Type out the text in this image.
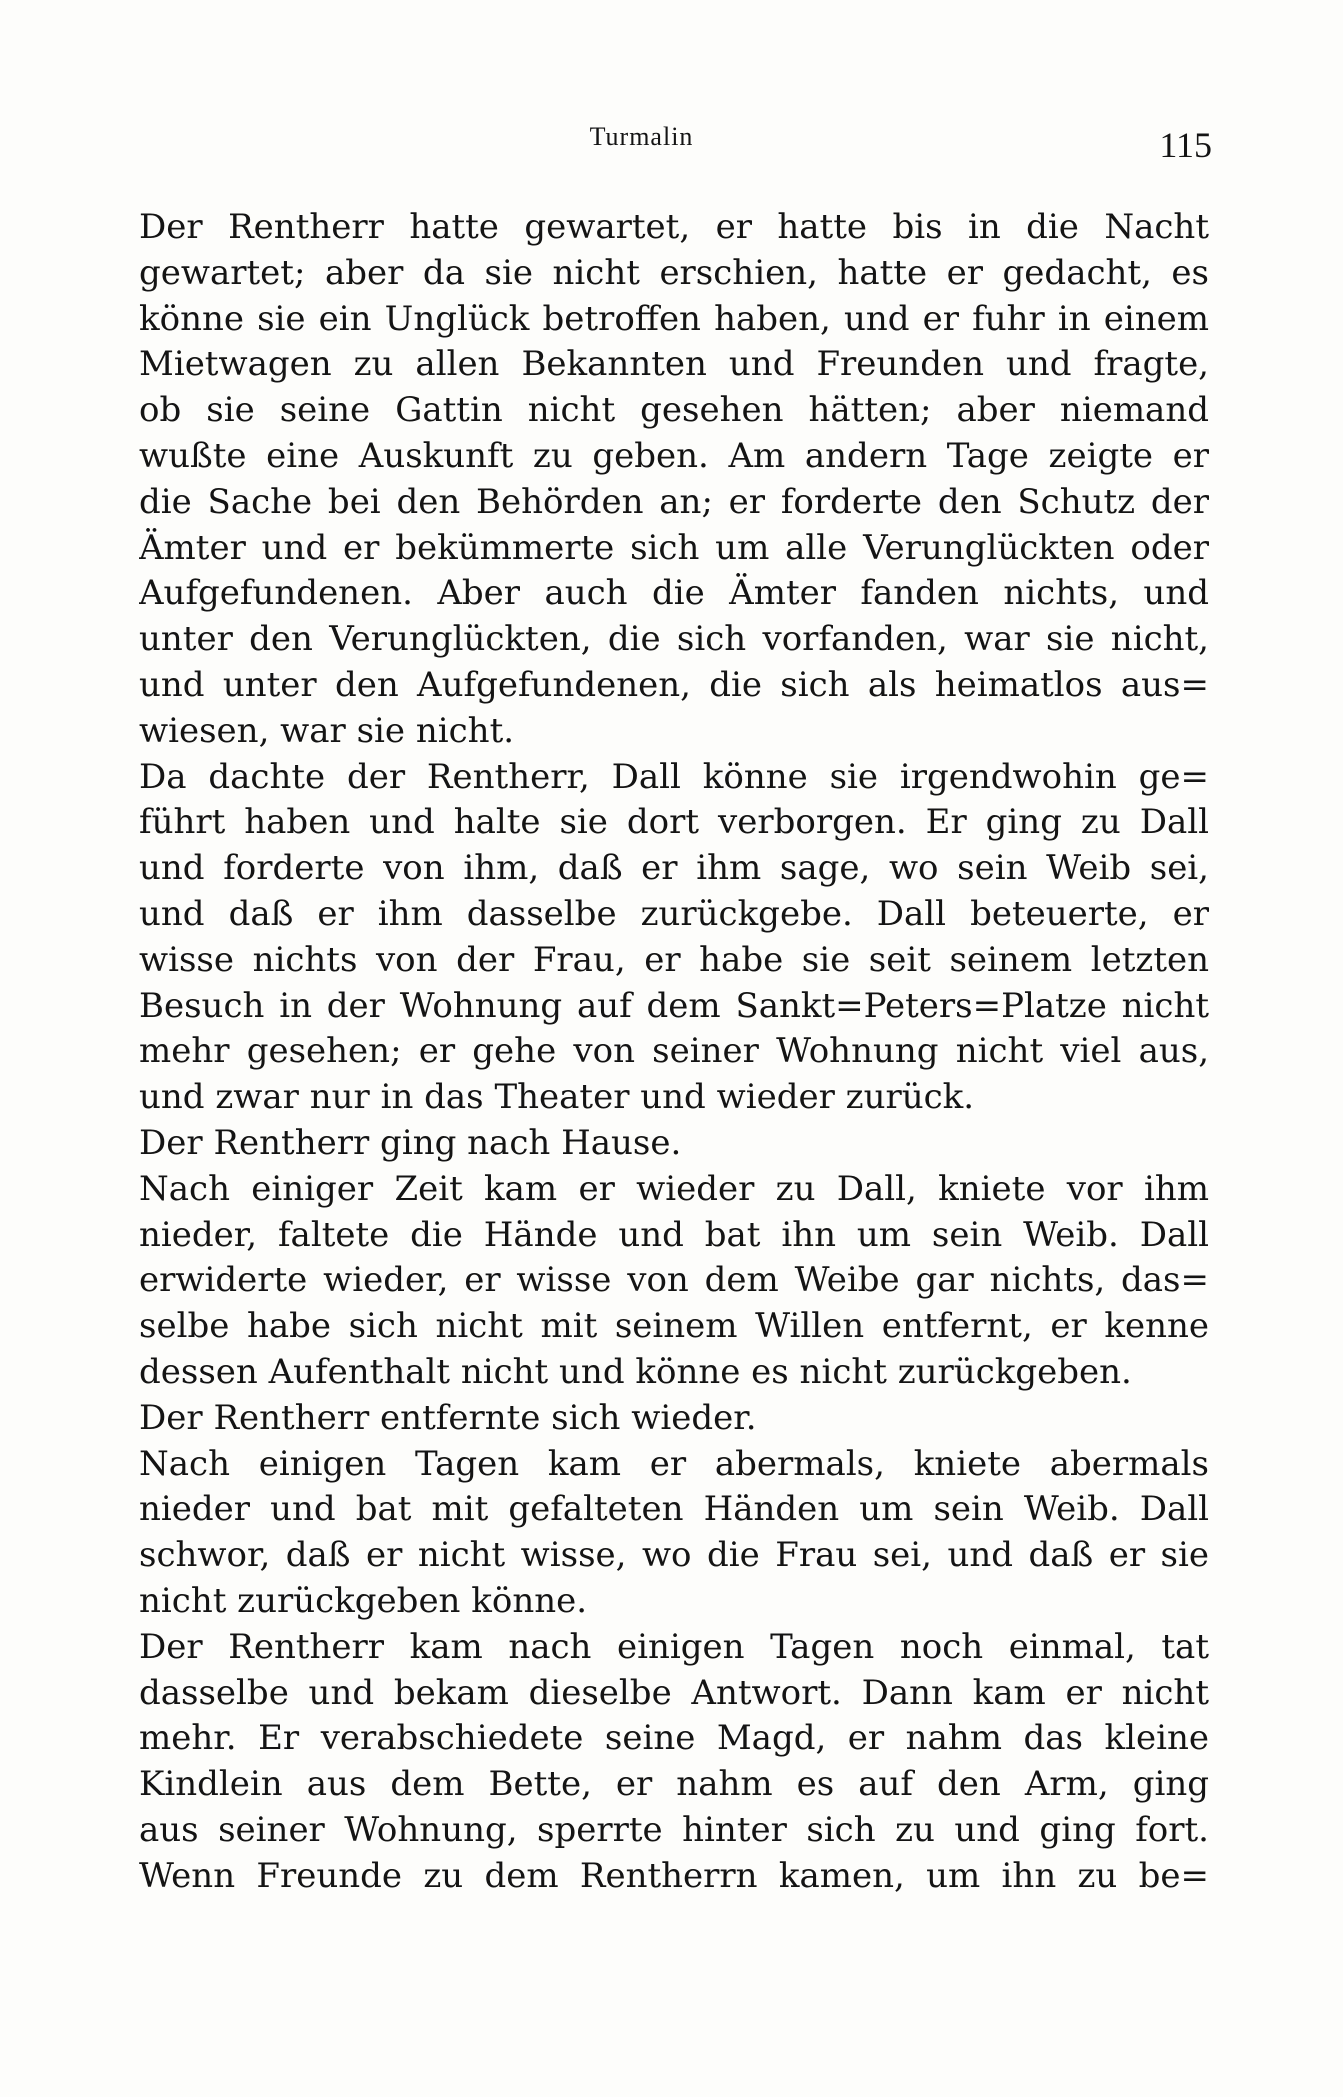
Turmalin	115
Der Rentherr hatte gewartet, er hatte bis in die Nacht
gewartet; aber da sie nicht erschien, hatte er gedacht, es
könne sie ein Unglück betroffen haben, und er fuhr in einem
Mietwagen zu allen Bekannten und Freunden und fragte,
ob sie seine Gattin nicht gesehen hätten; aber niemand
wußte eine Auskunft zu geben. Am andern Tage zeigte er
die Sache bei den Behörden an; er forderte den Schutz der
Ämter und er bekümmerte sich um alle Verunglückten oder
Aufgefundenen. Aber auch die Ämter fanden nichts, und
unter den Verunglückten, die sich vorfanden, war sie nicht,
und unter den Aufgefundenen, die sich als heimatlos aus=
wiesen, war sie nicht.
Da dachte der Rentherr, Dall könne sie irgendwohin ge=
führt haben und halte sie dort verborgen. Er ging zu Dall
und forderte von ihm, daß er ihm sage, wo sein Weib sei,
und daß er ihm dasselbe zurückgebe. Dall beteuerte, er
wisse nichts von der Frau, er habe sie seit seinem letzten
Besuch in der Wohnung auf dem Sankt=Peters=Platze nicht
mehr gesehen; er gehe von seiner Wohnung nicht viel aus,
und zwar nur in das Theater und wieder zurück.
Der Rentherr ging nach Hause.
Nach einiger Zeit kam er wieder zu Dall, kniete vor ihm
nieder, faltete die Hände und bat ihn um sein Weib. Dall
erwiderte wieder, er wisse von dem Weibe gar nichts, das=
selbe habe sich nicht mit seinem Willen entfernt, er kenne
dessen Aufenthalt nicht und könne es nicht zurückgeben.
Der Rentherr entfernte sich wieder.
Nach einigen Tagen kam er abermals, kniete abermals
nieder und bat mit gefalteten Händen um sein Weib. Dall
schwor, daß er nicht wisse, wo die Frau sei, und daß er sie
nicht zurückgeben könne.
Der Rentherr kam nach einigen Tagen noch einmal, tat
dasselbe und bekam dieselbe Antwort. Dann kam er nicht
mehr. Er verabschiedete seine Magd, er nahm das kleine
Kindlein aus dem Bette, er nahm es auf den Arm, ging
aus seiner Wohnung, sperrte hinter sich zu und ging fort.
Wenn Freunde zu dem Rentherrn kamen, um ihn zu be=
